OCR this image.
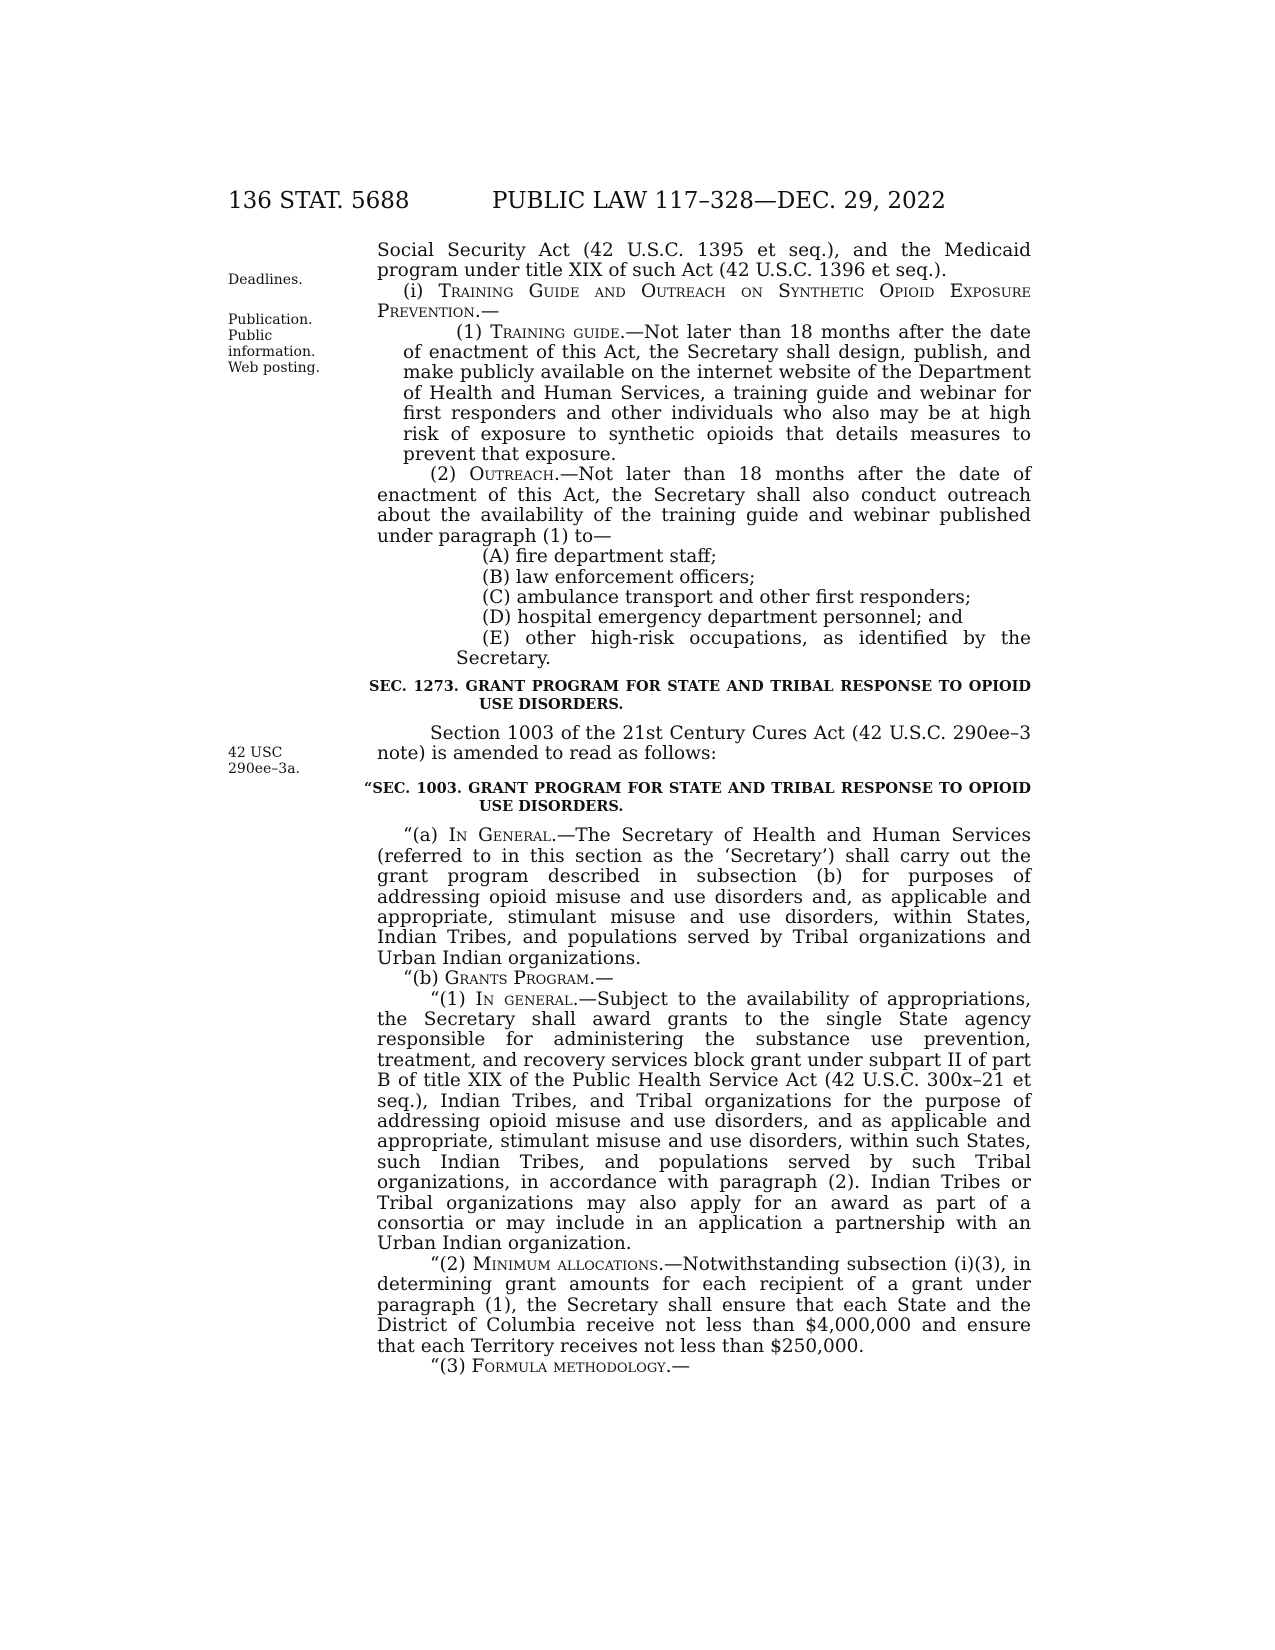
136 STAT. 5688	PUBLIC LAW 117–328—DEC. 29, 2022
Deadlines.
Publication.
Public
information.
Web posting.
42 USC
290ee–3a.

Social Security Act (42 U.S.C. 1395 et seq.), and the Medicaid program under title XIX of such Act (42 U.S.C. 1396 et seq.).

(i) Training Guide and Outreach on Synthetic Opioid Exposure Prevention.—

(1) Training guide.—Not later than 18 months after the date of enactment of this Act, the Secretary shall design, publish, and make publicly available on the internet website of the Department of Health and Human Services, a training guide and webinar for first responders and other individuals who also may be at high risk of exposure to synthetic opioids that details measures to prevent that exposure.

(2) Outreach.—Not later than 18 months after the date of enactment of this Act, the Secretary shall also conduct outreach about the availability of the training guide and webinar published under paragraph (1) to—

(A) fire department staff;

(B) law enforcement officers;

(C) ambulance transport and other first responders;

(D) hospital emergency department personnel; and

(E) other high-risk occupations, as identified by the Secretary.

SEC. 1273. GRANT PROGRAM FOR STATE AND TRIBAL RESPONSE TO OPIOID USE DISORDERS.

Section 1003 of the 21st Century Cures Act (42 U.S.C. 290ee–3 note) is amended to read as follows:

“SEC. 1003. GRANT PROGRAM FOR STATE AND TRIBAL RESPONSE TO OPIOID USE DISORDERS.

“(a) In General.—The Secretary of Health and Human Services (referred to in this section as the ‘Secretary’) shall carry out the grant program described in subsection (b) for purposes of addressing opioid misuse and use disorders and, as applicable and appropriate, stimulant misuse and use disorders, within States, Indian Tribes, and populations served by Tribal organizations and Urban Indian organizations.

“(b) Grants Program.—

“(1) In general.—Subject to the availability of appropriations, the Secretary shall award grants to the single State agency responsible for administering the substance use prevention, treatment, and recovery services block grant under subpart II of part B of title XIX of the Public Health Service Act (42 U.S.C. 300x–21 et seq.), Indian Tribes, and Tribal organizations for the purpose of addressing opioid misuse and use disorders, and as applicable and appropriate, stimulant misuse and use disorders, within such States, such Indian Tribes, and populations served by such Tribal organizations, in accordance with paragraph (2). Indian Tribes or Tribal organizations may also apply for an award as part of a consortia or may include in an application a partnership with an Urban Indian organization.

“(2) Minimum allocations.—Notwithstanding subsection (i)(3), in determining grant amounts for each recipient of a grant under paragraph (1), the Secretary shall ensure that each State and the District of Columbia receive not less than $4,000,000 and ensure that each Territory receives not less than $250,000.

“(3) Formula methodology.—
